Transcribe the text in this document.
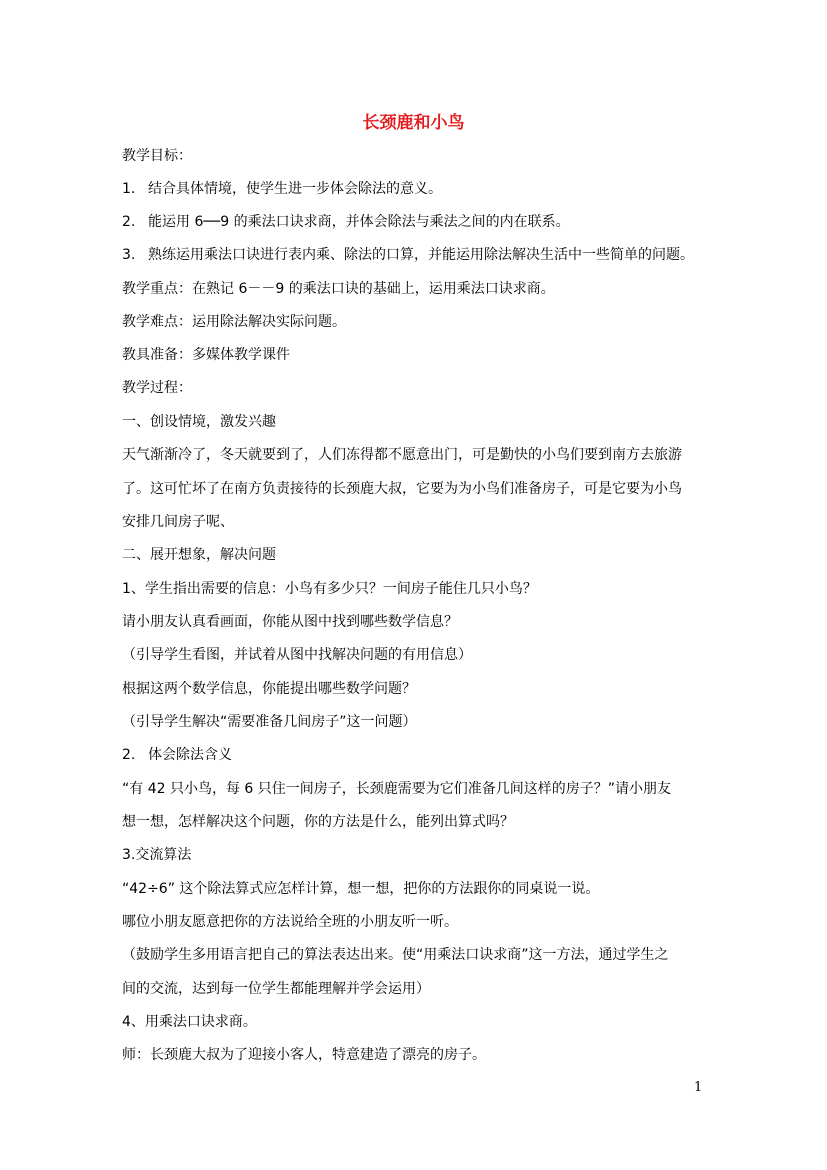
长颈鹿和小鸟

教学目标：

1. 结合具体情境，使学生进一步体会除法的意义。

2. 能运用 6──9 的乘法口诀求商，并体会除法与乘法之间的内在联系。

3. 熟练运用乘法口诀进行表内乘、除法的口算，并能运用除法解决生活中一些简单的问题。

教学重点：在熟记 6－－9 的乘法口诀的基础上，运用乘法口诀求商。

教学难点：运用除法解决实际问题。

教具准备：多媒体教学课件

教学过程：

一、创设情境，激发兴趣

天气渐渐冷了，冬天就要到了，人们冻得都不愿意出门，可是勤快的小鸟们要到南方去旅游

了。这可忙坏了在南方负责接待的长颈鹿大叔，它要为为小鸟们准备房子，可是它要为小鸟

安排几间房子呢、

二、展开想象，解决问题

1、学生指出需要的信息：小鸟有多少只？一间房子能住几只小鸟？

请小朋友认真看画面，你能从图中找到哪些数学信息？

（引导学生看图，并试着从图中找解决问题的有用信息）

根据这两个数学信息，你能提出哪些数学问题？

（引导学生解决“需要准备几间房子”这一问题）

2. 体会除法含义

“有 42 只小鸟，每 6 只住一间房子，长颈鹿需要为它们准备几间这样的房子？”请小朋友

想一想，怎样解决这个问题，你的方法是什么，能列出算式吗？

3.交流算法

“42÷6” 这个除法算式应怎样计算，想一想，把你的方法跟你的同桌说一说。

哪位小朋友愿意把你的方法说给全班的小朋友听一听。

（鼓励学生多用语言把自己的算法表达出来。使“用乘法口诀求商”这一方法，通过学生之

间的交流，达到每一位学生都能理解并学会运用）

4、用乘法口诀求商。

师：长颈鹿大叔为了迎接小客人，特意建造了漂亮的房子。

1
